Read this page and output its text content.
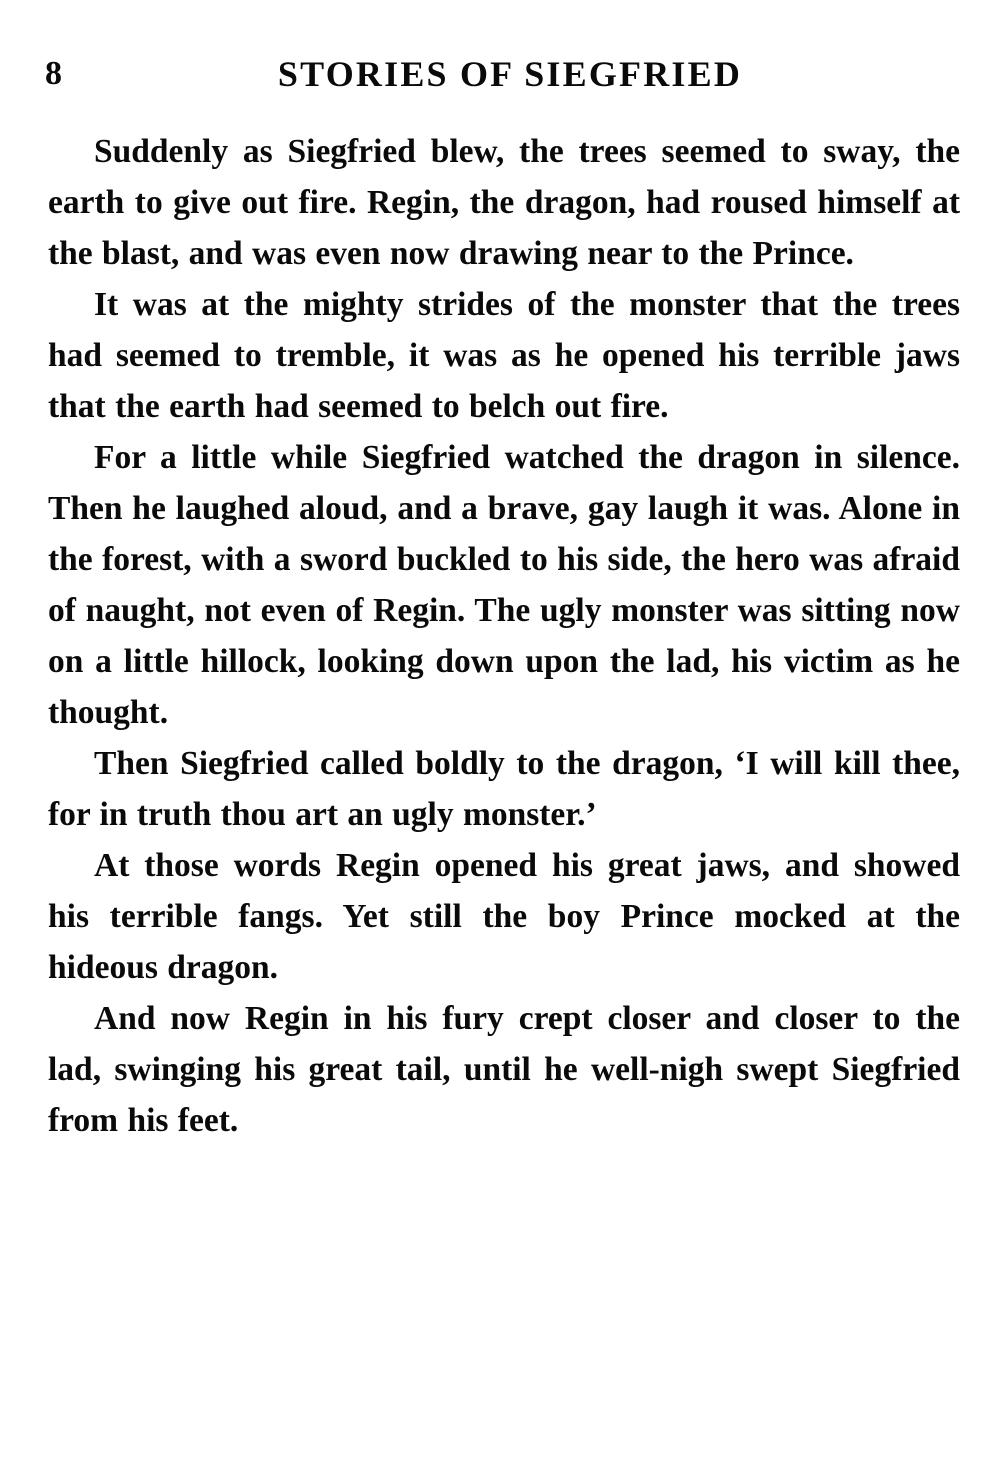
8	STORIES OF SIEGFRIED

Suddenly as Siegfried blew, the trees seemed to sway, the earth to give out fire. Regin, the dragon, had roused himself at the blast, and was even now drawing near to the Prince.

It was at the mighty strides of the monster that the trees had seemed to tremble, it was as he opened his terrible jaws that the earth had seemed to belch out fire.

For a little while Siegfried watched the dragon in silence. Then he laughed aloud, and a brave, gay laugh it was. Alone in the forest, with a sword buckled to his side, the hero was afraid of naught, not even of Regin. The ugly monster was sitting now on a little hillock, looking down upon the lad, his victim as he thought.

Then Siegfried called boldly to the dragon, ‘I will kill thee, for in truth thou art an ugly monster.’

At those words Regin opened his great jaws, and showed his terrible fangs. Yet still the boy Prince mocked at the hideous dragon.

And now Regin in his fury crept closer and closer to the lad, swinging his great tail, until he well-nigh swept Siegfried from his feet.
